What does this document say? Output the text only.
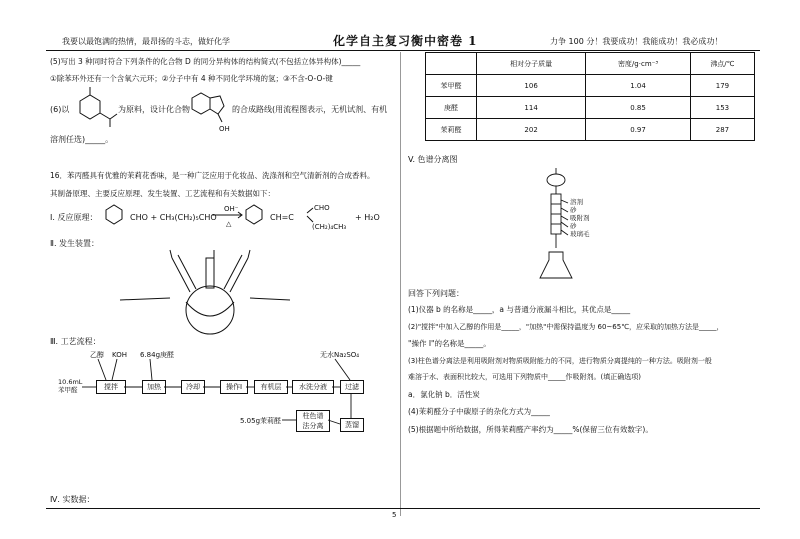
我要以最饱满的热情，最昂扬的斗志，做好化学	化学自主复习衡中密卷 1	力争 100 分！我要成功！我能成功！我必成功！
(5)写出 3 种同时符合下列条件的化合物 D 的同分异构体的结构简式(不包括立体异构体)_____
①除苯环外还有一个含氧六元环；②分子中有 4 种不同化学环境的氢；③不含-O-O-键
(6)以	为原料，设计化合物	的合成路线(用流程图表示，无机试剂、有机
溶剂任选)_____。
OH
16．苯丙醛具有优雅的茉莉花香味，是一种广泛应用于化妆品、洗涤剂和空气清新剂的合成香料。
其制备原理、主要反应原理、发生装置、工艺流程和有关数据如下：
Ⅰ. 反应原理：	CHO + CH₃(CH₂)₅CHO
OH⁻
△
CH=C
CHO
(CH₂)₄CH₃
+ H₂O
Ⅱ. 发生装置：
Ⅲ. 工艺流程：
Ⅳ. 实数据：
5
乙醇 KOH 6.84g庚醛	无水Na₂SO₄
10.6mL
苯甲醛	搅拌	加热	冷却	操作I	有机层	水洗分液	过滤
蒸馏
柱色谱
法分离
5.05g茉莉醛
	相对分子质量	密度/g·cm⁻³	沸点/℃
苯甲醛	106	1.04	179
庚醛	114	0.85	153
茉莉醛	202	0.97	287
V. 色谱分离图
溶剂
砂
吸附剂
砂
玻璃毛
回答下列问题：
(1)仪器 b 的名称是_____，a 与普通分液漏斗相比，其优点是_____
(2)"搅拌"中加入乙醇的作用是_____，"加热"中需保持温度为 60~65℃，应采取的加热方法是_____，
"操作 I"的名称是_____。
(3)柱色谱分离法是利用吸附剂对物质吸附能力的不同，进行物质分离提纯的一种方法。吸附剂一般
难溶于水、表面积比较大，可选用下列物质中_____作吸附剂。(填正确选项)
a．氯化钠 b．活性炭
(4)茉莉醛分子中碳原子的杂化方式为_____
(5)根据题中所给数据，所得茉莉醛产率约为_____%(保留三位有效数字)。
